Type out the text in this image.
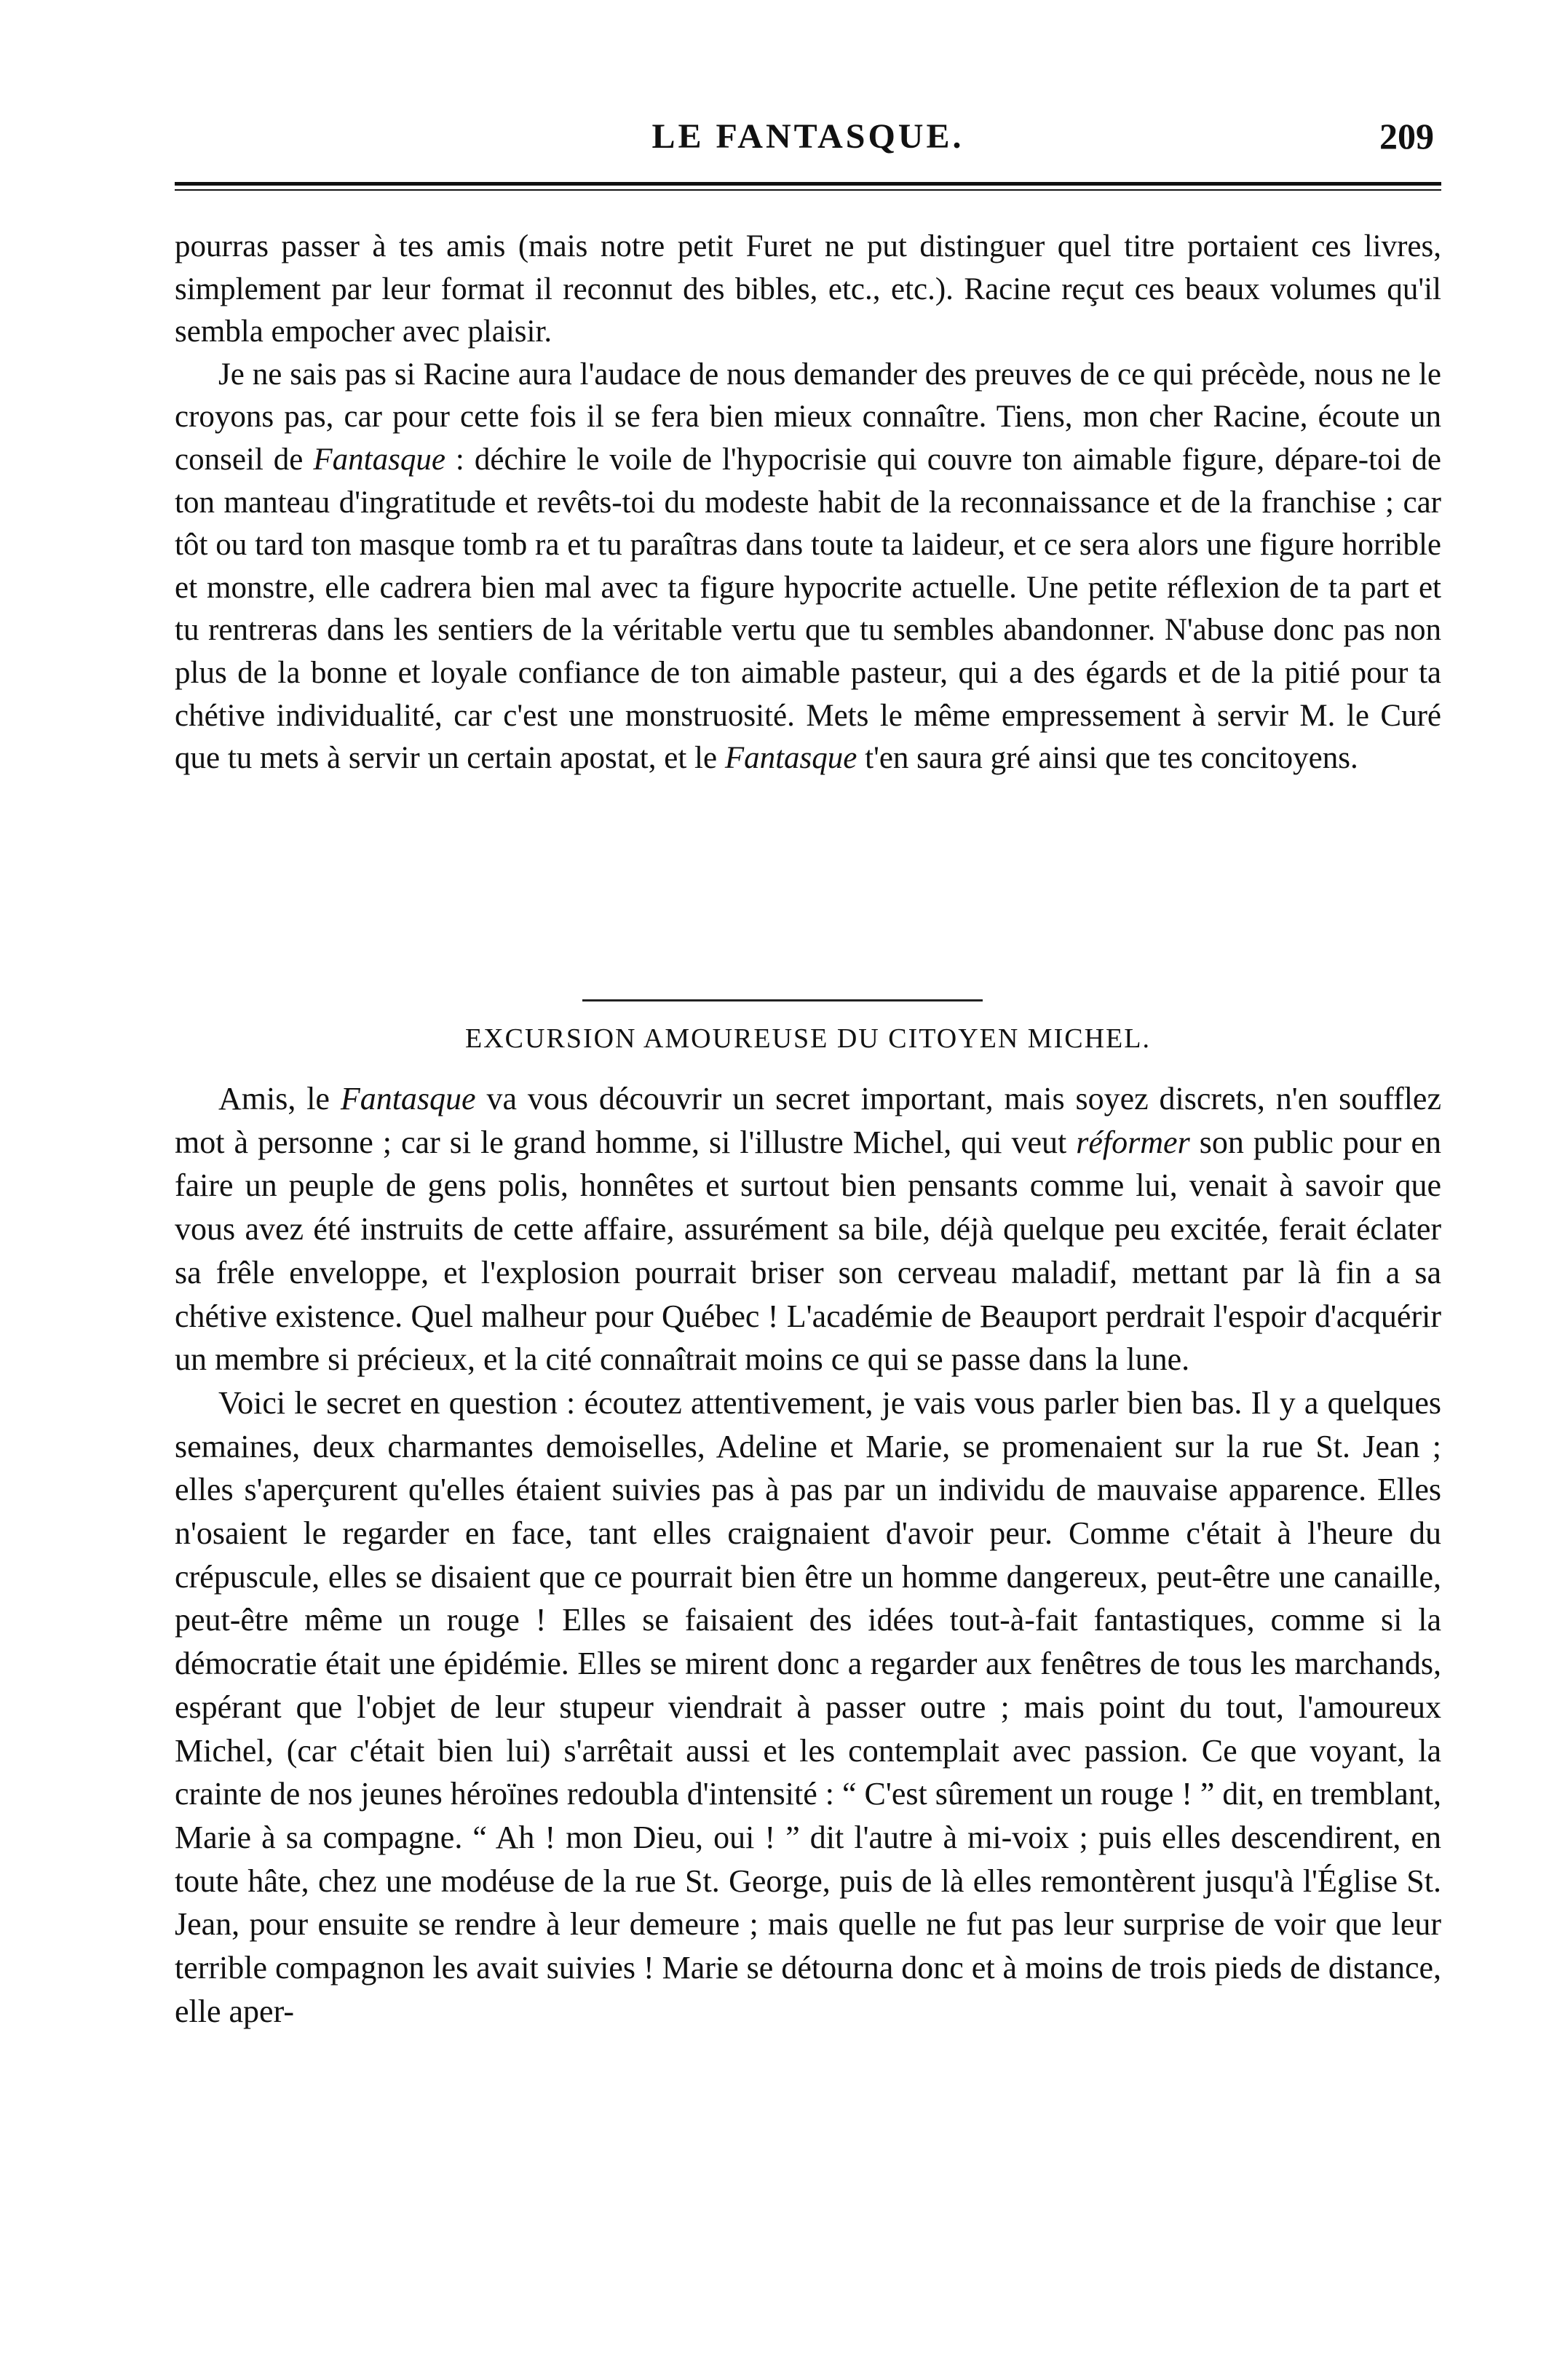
LE FANTASQUE.	209

pourras passer à tes amis (mais notre petit Furet ne put distinguer quel titre portaient ces livres, simplement par leur format il reconnut des bibles, etc., etc.). Racine reçut ces beaux volumes qu'il sembla empocher avec plaisir.

Je ne sais pas si Racine aura l'audace de nous demander des preuves de ce qui précède, nous ne le croyons pas, car pour cette fois il se fera bien mieux connaître. Tiens, mon cher Racine, écoute un conseil de Fantasque : déchire le voile de l'hypocrisie qui couvre ton aimable figure, dépare-toi de ton manteau d'ingratitude et revêts-toi du modeste habit de la reconnaissance et de la franchise ; car tôt ou tard ton masque tomb ra et tu paraîtras dans toute ta laideur, et ce sera alors une figure horrible et monstre, elle cadrera bien mal avec ta figure hypocrite actuelle. Une petite réflexion de ta part et tu rentreras dans les sentiers de la véritable vertu que tu sembles abandonner. N'abuse donc pas non plus de la bonne et loyale confiance de ton aimable pasteur, qui a des égards et de la pitié pour ta chétive individualité, car c'est une monstruosité. Mets le même empressement à servir M. le Curé que tu mets à servir un certain apostat, et le Fantasque t'en saura gré ainsi que tes concitoyens.

EXCURSION AMOUREUSE DU CITOYEN MICHEL.

Amis, le Fantasque va vous découvrir un secret important, mais soyez discrets, n'en soufflez mot à personne ; car si le grand homme, si l'illustre Michel, qui veut réformer son public pour en faire un peuple de gens polis, honnêtes et surtout bien pensants comme lui, venait à savoir que vous avez été instruits de cette affaire, assurément sa bile, déjà quelque peu excitée, ferait éclater sa frêle enveloppe, et l'explosion pourrait briser son cerveau maladif, mettant par là fin a sa chétive existence. Quel malheur pour Québec ! L'académie de Beauport perdrait l'espoir d'acquérir un membre si précieux, et la cité connaîtrait moins ce qui se passe dans la lune.

Voici le secret en question : écoutez attentivement, je vais vous parler bien bas. Il y a quelques semaines, deux charmantes demoiselles, Adeline et Marie, se promenaient sur la rue St. Jean ; elles s'aperçurent qu'elles étaient suivies pas à pas par un individu de mauvaise apparence. Elles n'osaient le regarder en face, tant elles craignaient d'avoir peur. Comme c'était à l'heure du crépuscule, elles se disaient que ce pourrait bien être un homme dangereux, peut-être une canaille, peut-être même un rouge ! Elles se faisaient des idées tout-à-fait fantastiques, comme si la démocratie était une épidémie. Elles se mirent donc a regarder aux fenêtres de tous les marchands, espérant que l'objet de leur stupeur viendrait à passer outre ; mais point du tout, l'amoureux Michel, (car c'était bien lui) s'arrêtait aussi et les contemplait avec passion. Ce que voyant, la crainte de nos jeunes héroïnes redoubla d'intensité : “ C'est sûrement un rouge ! ” dit, en tremblant, Marie à sa compagne. “ Ah ! mon Dieu, oui ! ” dit l'autre à mi-voix ; puis elles descendirent, en toute hâte, chez une modéuse de la rue St. George, puis de là elles remontèrent jusqu'à l'Église St. Jean, pour ensuite se rendre à leur demeure ; mais quelle ne fut pas leur surprise de voir que leur terrible compagnon les avait suivies ! Marie se détourna donc et à moins de trois pieds de distance, elle aper-
